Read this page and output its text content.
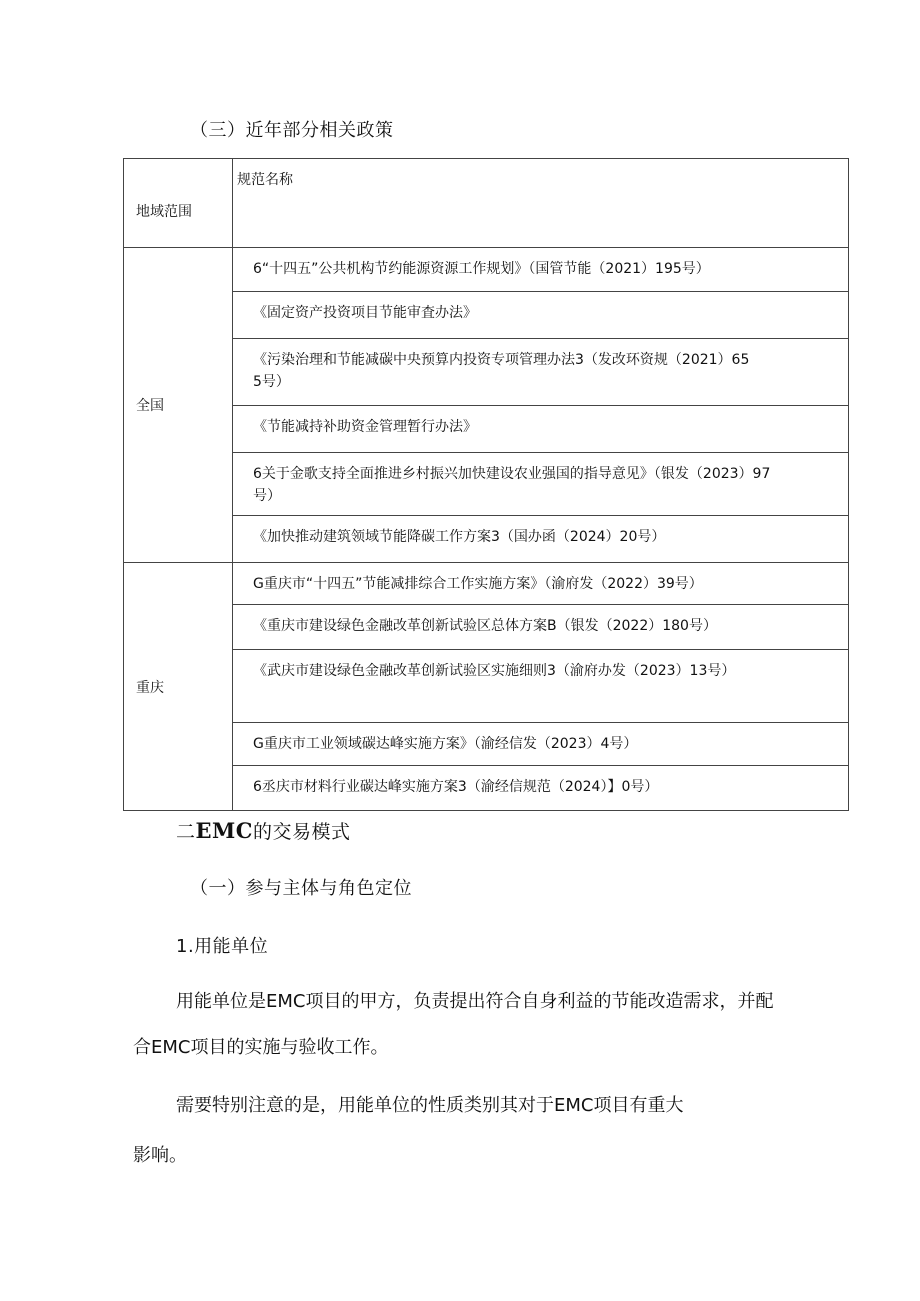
（三）近年部分相关政策
地域范围	规范名称
全国	6“十四五”公共机构节约能源资源工作规划》（国管节能（2021）195号）
	《固定资产投资项目节能审査办法》
	《污染治理和节能减碳中央预算内投资专项管理办法3（发改环资规（2021）655号）
	《节能减持补助资金管理暂行办法》
	6关于金歌支持全面推进乡村振兴加快建设农业强国的指导意见》（银发（2023）97号）
	《加快推动建筑领域节能降碳工作方案3（国办函（2024）20号）
重庆	G重庆市“十四五”节能减排综合工作实施方案》（渝府发（2022）39号）
	《重庆市建设绿色金融改革创新试验区总体方案B（银发（2022）180号）
	《武庆市建设绿色金融改革创新试验区实施细则3（渝府办发（2023）13号）
	G重庆市工业领域碳达峰实施方案》（渝经信发（2023）4号）
	6丞庆市材料行业碳达峰实施方案3（渝经信规范（2024）】0号）
二EMC的交易模式
（一）参与主体与角色定位
1.用能单位
用能单位是EMC项目的甲方，负责提出符合自身利益的节能改造需求，并配
合EMC项目的实施与验收工作。
需要特别注意的是，用能单位的性质类别其对于EMC项目有重大
影响。
